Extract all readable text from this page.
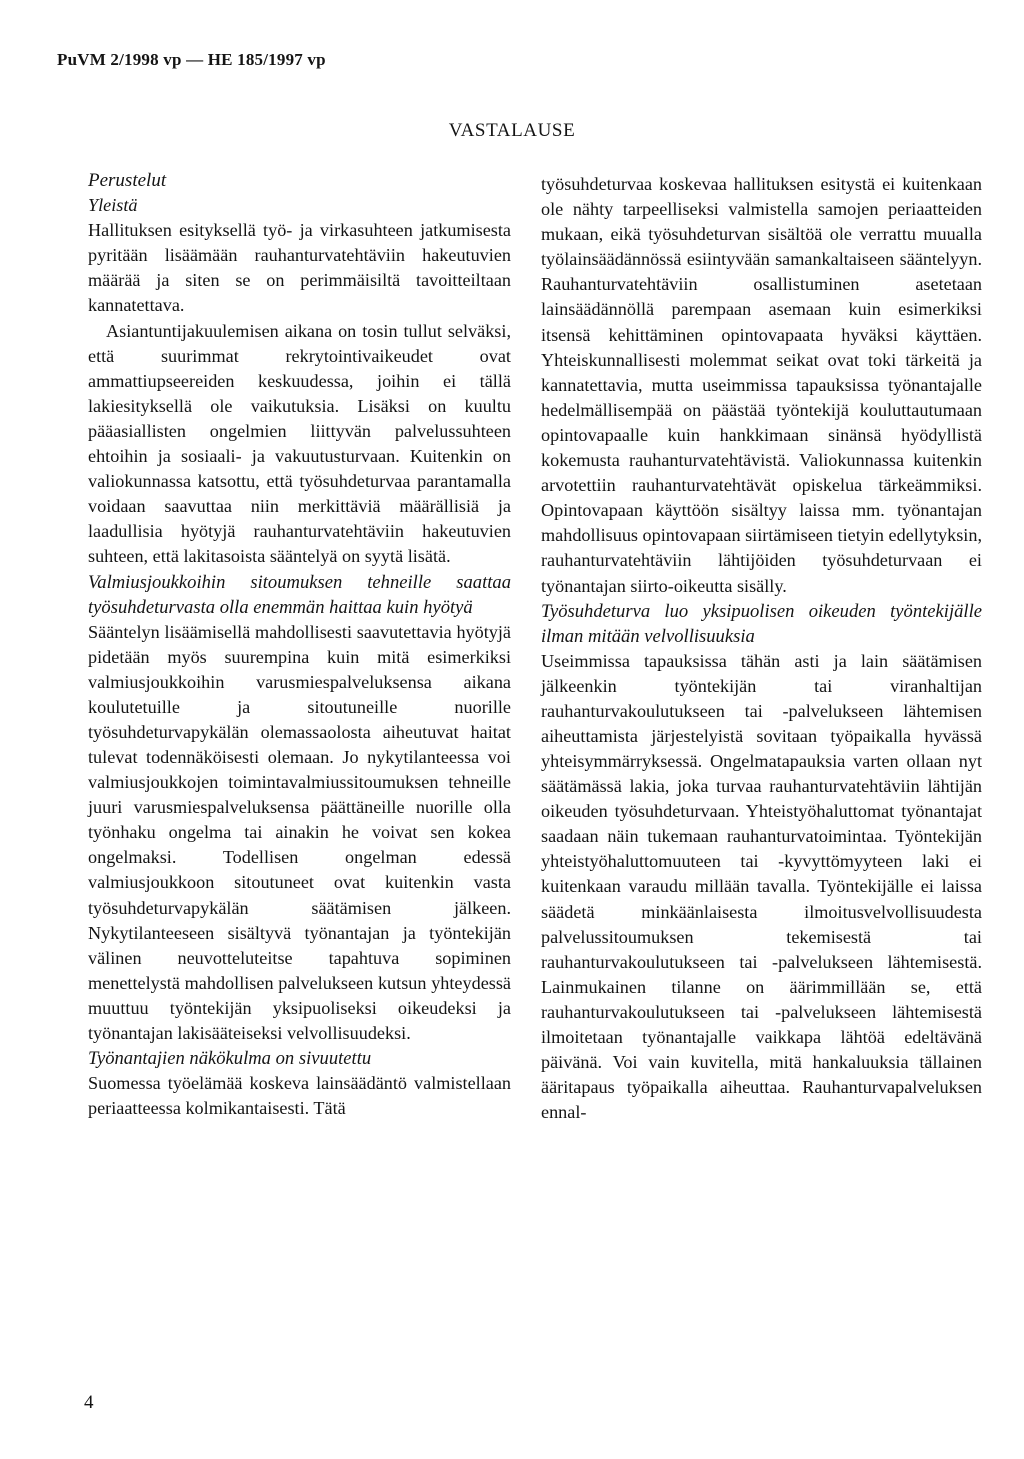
PuVM 2/1998 vp — HE 185/1997 vp
VASTALAUSE

Perustelut

Yleistä

Hallituksen esityksellä työ- ja virkasuhteen jatkumisesta pyritään lisäämään rauhanturvatehtäviin hakeutuvien määrää ja siten se on perimmäisiltä tavoitteiltaan kannatettava.

Asiantuntijakuulemisen aikana on tosin tullut selväksi, että suurimmat rekrytointivaikeudet ovat ammattiupseereiden keskuudessa, joihin ei tällä lakiesityksellä ole vaikutuksia. Lisäksi on kuultu pääasiallisten ongelmien liittyvän palvelussuhteen ehtoihin ja sosiaali- ja vakuutusturvaan. Kuitenkin on valiokunnassa katsottu, että työsuhdeturvaa parantamalla voidaan saavuttaa niin merkittäviä määrällisiä ja laadullisia hyötyjä rauhanturvatehtäviin hakeutuvien suhteen, että lakitasoista sääntelyä on syytä lisätä.

Valmiusjoukkoihin sitoumuksen tehneille saattaa työsuhdeturvasta olla enemmän haittaa kuin hyötyä

Sääntelyn lisäämisellä mahdollisesti saavutettavia hyötyjä pidetään myös suurempina kuin mitä esimerkiksi valmiusjoukkoihin varusmiespalveluksensa aikana koulutetuille ja sitoutuneille nuorille työsuhdeturvapykälän olemassaolosta aiheutuvat haitat tulevat todennäköisesti olemaan. Jo nykytilanteessa voi valmiusjoukkojen toimintavalmiussitoumuksen tehneille juuri varusmiespalveluksensa päättäneille nuorille olla työnhaku ongelma tai ainakin he voivat sen kokea ongelmaksi. Todellisen ongelman edessä valmiusjoukkoon sitoutuneet ovat kuitenkin vasta työsuhdeturvapykälän säätämisen jälkeen. Nykytilanteeseen sisältyvä työnantajan ja työntekijän välinen neuvotteluteitse tapahtuva sopiminen menettelystä mahdollisen palvelukseen kutsun yhteydessä muuttuu työntekijän yksipuoliseksi oikeudeksi ja työnantajan lakisääteiseksi velvollisuudeksi.

Työnantajien näkökulma on sivuutettu

Suomessa työelämää koskeva lainsäädäntö valmistellaan periaatteessa kolmikantaisesti. Tätä

työsuhdeturvaa koskevaa hallituksen esitystä ei kuitenkaan ole nähty tarpeelliseksi valmistella samojen periaatteiden mukaan, eikä työsuhdeturvan sisältöä ole verrattu muualla työlainsäädännössä esiintyvään samankaltaiseen sääntelyyn. Rauhanturvatehtäviin osallistuminen asetetaan lainsäädännöllä parempaan asemaan kuin esimerkiksi itsensä kehittäminen opintovapaata hyväksi käyttäen. Yhteiskunnallisesti molemmat seikat ovat toki tärkeitä ja kannatettavia, mutta useimmissa tapauksissa työnantajalle hedelmällisempää on päästää työntekijä kouluttautumaan opintovapaalle kuin hankkimaan sinänsä hyödyllistä kokemusta rauhanturvatehtävistä. Valiokunnassa kuitenkin arvotettiin rauhanturvatehtävät opiskelua tärkeämmiksi. Opintovapaan käyttöön sisältyy laissa mm. työnantajan mahdollisuus opintovapaan siirtämiseen tietyin edellytyksin, rauhanturvatehtäviin lähtijöiden työsuhdeturvaan ei työnantajan siirto-oikeutta sisälly.

Työsuhdeturva luo yksipuolisen oikeuden työntekijälle ilman mitään velvollisuuksia

Useimmissa tapauksissa tähän asti ja lain säätämisen jälkeenkin työntekijän tai viranhaltijan rauhanturvakoulutukseen tai -palvelukseen lähtemisen aiheuttamista järjestelyistä sovitaan työpaikalla hyvässä yhteisymmärryksessä. Ongelmatapauksia varten ollaan nyt säätämässä lakia, joka turvaa rauhanturvatehtäviin lähtijän oikeuden työsuhdeturvaan. Yhteistyöhaluttomat työnantajat saadaan näin tukemaan rauhanturvatoimintaa. Työntekijän yhteistyöhaluttomuuteen tai -kyvyttömyyteen laki ei kuitenkaan varaudu millään tavalla. Työntekijälle ei laissa säädetä minkäänlaisesta ilmoitusvelvollisuudesta palvelussitoumuksen tekemisestä tai rauhanturvakoulutukseen tai -palvelukseen lähtemisestä. Lainmukainen tilanne on äärimmillään se, että rauhanturvakoulutukseen tai -palvelukseen lähtemisestä ilmoitetaan työnantajalle vaikkapa lähtöä edeltävänä päivänä. Voi vain kuvitella, mitä hankaluuksia tällainen ääritapaus työpaikalla aiheuttaa. Rauhanturvapalveluksen ennal-

4
